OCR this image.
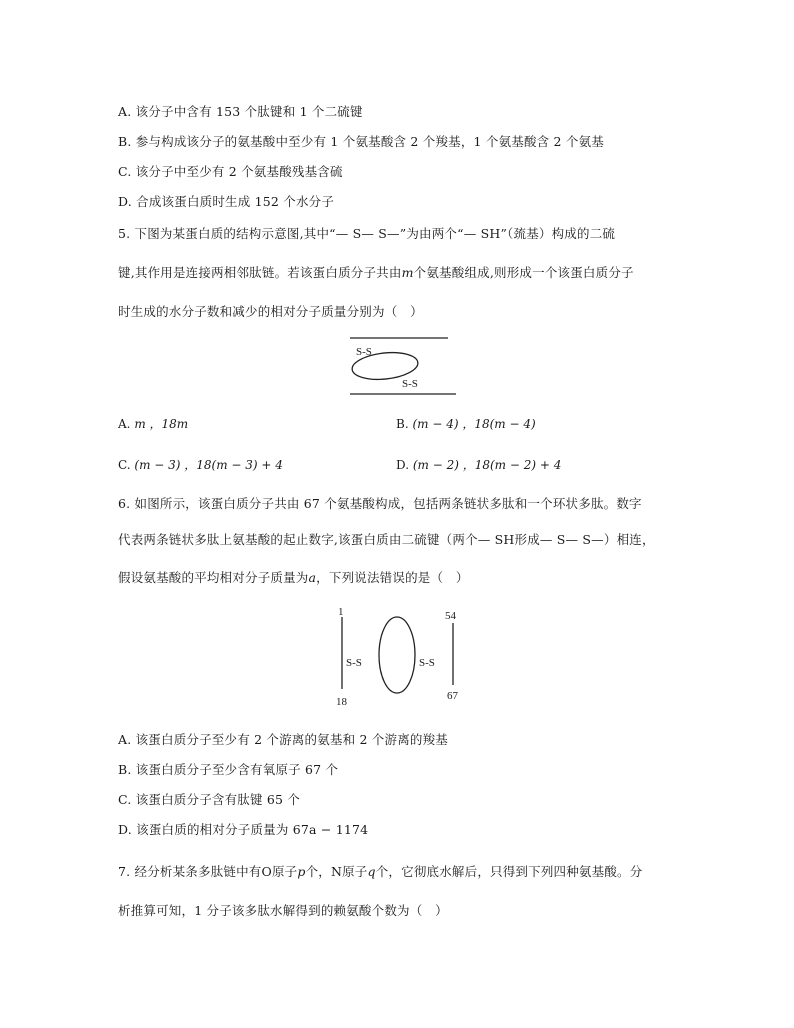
A. 该分子中含有 153 个肽键和 1 个二硫键
B. 参与构成该分子的氨基酸中至少有 1 个氨基酸含 2 个羧基，1 个氨基酸含 2 个氨基
C. 该分子中至少有 2 个氨基酸残基含硫
D. 合成该蛋白质时生成 152 个水分子
5. 下图为某蛋白质的结构示意图,其中“— S— S—”为由两个“— SH”（巯基）构成的二硫
键,其作用是连接两相邻肽链。若该蛋白质分子共由m个氨基酸组成,则形成一个该蛋白质分子
时生成的水分子数和减少的相对分子质量分别为（　）
S-S
S-S
A. m ，18m	B. (m − 4) ，18(m − 4)
C. (m − 3) ，18(m − 3) + 4	D. (m − 2) ，18(m − 2) + 4
6. 如图所示，该蛋白质分子共由 67 个氨基酸构成，包括两条链状多肽和一个环状多肽。数字
代表两条链状多肽上氨基酸的起止数字,该蛋白质由二硫键（两个— SH形成— S— S—）相连，
假设氨基酸的平均相对分子质量为a，下列说法错误的是（　）
1
18
54
67
S-S	S-S
A. 该蛋白质分子至少有 2 个游离的氨基和 2 个游离的羧基
B. 该蛋白质分子至少含有氧原子 67 个
C. 该蛋白质分子含有肽键 65 个
D. 该蛋白质的相对分子质量为 67a − 1174
7. 经分析某条多肽链中有O原子p个，N原子q个，它彻底水解后，只得到下列四种氨基酸。分
析推算可知，1 分子该多肽水解得到的赖氨酸个数为（　）
